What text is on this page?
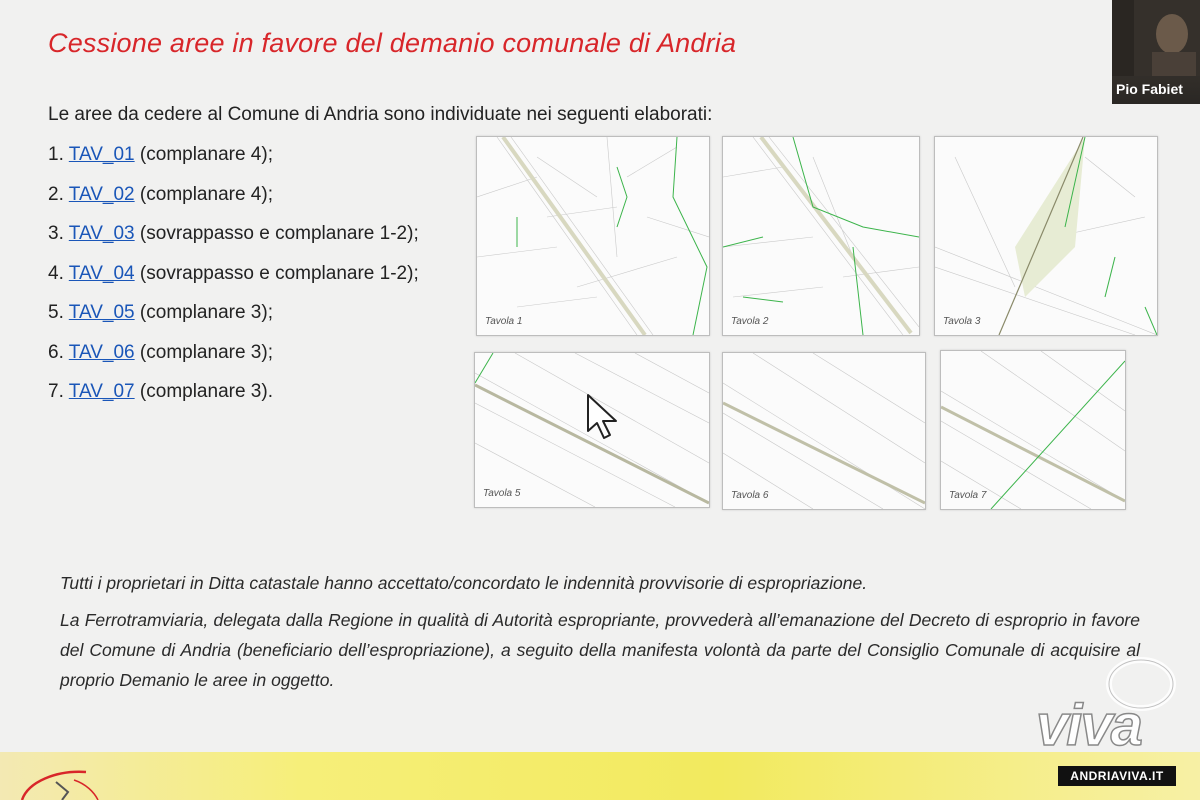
Cessione aree in favore del demanio comunale di Andria
Le aree da cedere al Comune di Andria sono individuate nei seguenti elaborati:
1. TAV_01 (complanare 4);
2. TAV_02 (complanare 4);
3. TAV_03 (sovrappasso e complanare 1-2);
4. TAV_04 (sovrappasso e complanare 1-2);
5. TAV_05 (complanare 3);
6. TAV_06 (complanare 3);
7. TAV_07 (complanare 3).
Tavola 1	Tavola 2	Tavola 3
Tavola 5	Tavola 6	Tavola 7

Tutti i proprietari in Ditta catastale hanno accettato/concordato le indennità provvisorie di espropriazione.

La Ferrotramviaria, delegata dalla Regione in qualità di Autorità espropriante, provvederà all’emanazione del Decreto di esproprio in favore del Comune di Andria (beneficiario dell’espropriazione), a seguito della manifesta volontà da parte del Consiglio Comunale di acquisire al proprio Demanio le aree in oggetto.

Pio Fabiet
viva
ANDRIAVIVA.IT
